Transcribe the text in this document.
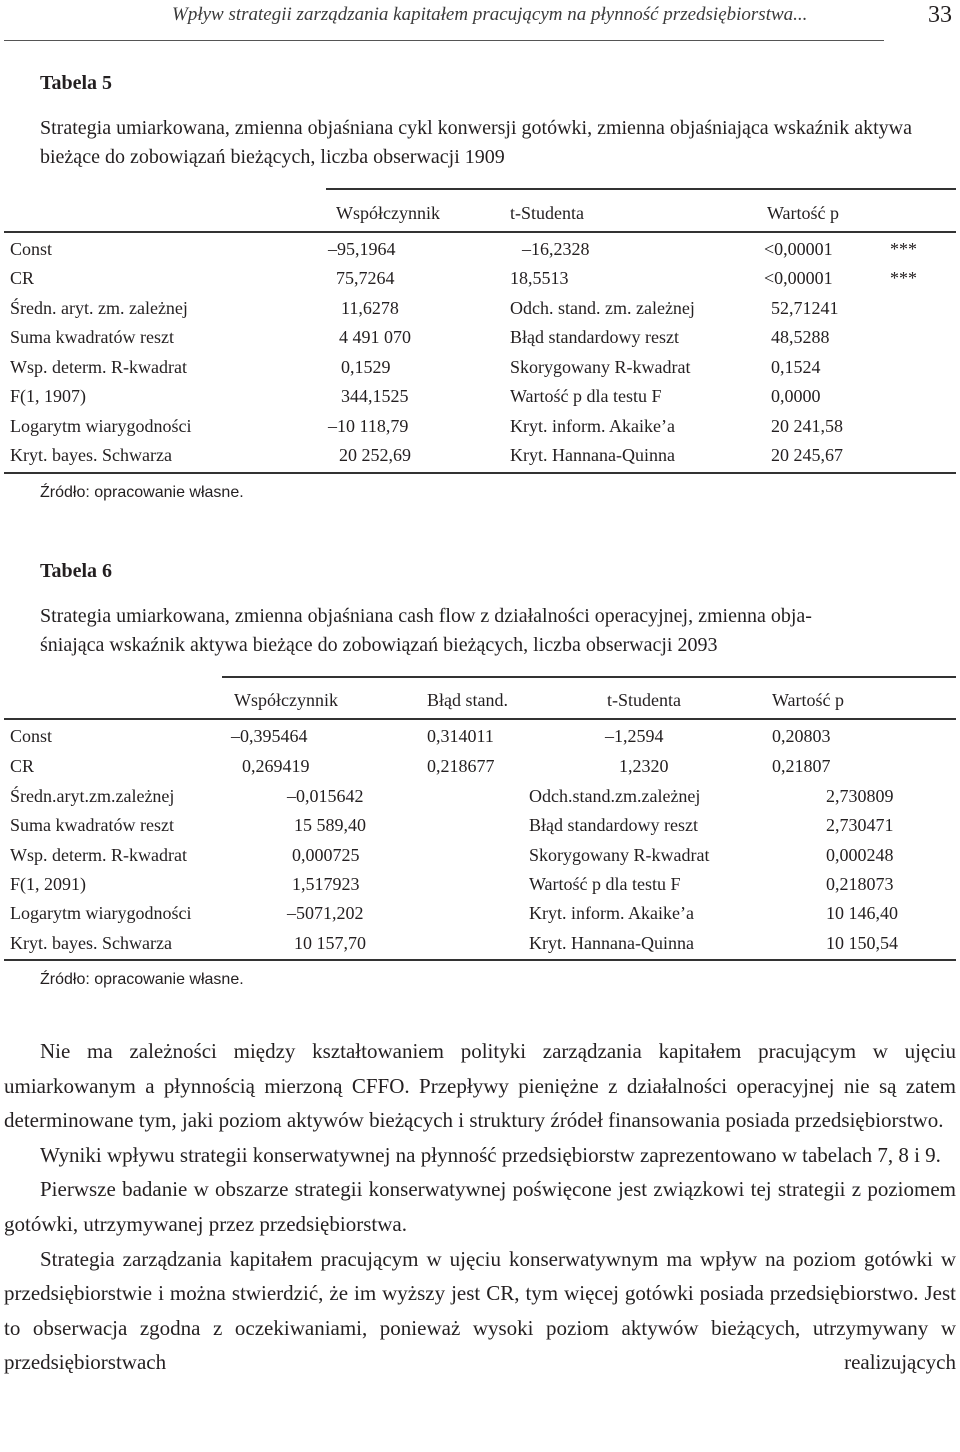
Wpływ strategii zarządzania kapitałem pracującym na płynność przedsiębiorstwa...	33
Tabela 5
Strategia umiarkowana, zmienna objaśniana cykl konwersji gotówki, zmienna objaśniająca wskaźnik aktywa bieżące do zobowiązań bieżących, liczba obserwacji 1909
Współczynnik	t-Studenta	Wartość p
Const	–95,1964	–16,2328	<0,00001	***
CR	75,7264	18,5513	<0,00001	***
Średn. aryt. zm. zależnej	11,6278	Odch. stand. zm. zależnej	52,71241
Suma kwadratów reszt	4 491 070	Błąd standardowy reszt	48,5288
Wsp. determ. R-kwadrat	0,1529	Skorygowany R-kwadrat	0,1524
F(1, 1907)	344,1525	Wartość p dla testu F	0,0000
Logarytm wiarygodności	–10 118,79	Kryt. inform. Akaike’a	20 241,58
Kryt. bayes. Schwarza	20 252,69	Kryt. Hannana-Quinna	20 245,67
Źródło: opracowanie własne.
Tabela 6
Strategia umiarkowana, zmienna objaśniana cash flow z działalności operacyjnej, zmienna obja-
śniająca wskaźnik aktywa bieżące do zobowiązań bieżących, liczba obserwacji 2093
Współczynnik	Błąd stand.	t-Studenta	Wartość p
Const	–0,395464	0,314011	–1,2594	0,20803
CR	0,269419	0,218677	1,2320	0,21807
Średn.aryt.zm.zależnej	–0,015642	Odch.stand.zm.zależnej	2,730809
Suma kwadratów reszt	15 589,40	Błąd standardowy reszt	2,730471
Wsp. determ. R-kwadrat	0,000725	Skorygowany R-kwadrat	0,000248
F(1, 2091)	1,517923	Wartość p dla testu F	0,218073
Logarytm wiarygodności	–5071,202	Kryt. inform. Akaike’a	10 146,40
Kryt. bayes. Schwarza	10 157,70	Kryt. Hannana-Quinna	10 150,54
Źródło: opracowanie własne.

Nie ma zależności między kształtowaniem polityki zarządzania kapitałem pracującym w ujęciu umiarkowanym a płynnością mierzoną CFFO. Przepływy pieniężne z działalności operacyjnej nie są zatem determinowane tym, jaki poziom aktywów bieżących i struktury źródeł finansowania posiada przedsiębiorstwo.

Wyniki wpływu strategii konserwatywnej na płynność przedsiębiorstw zaprezentowano w tabelach 7, 8 i 9.

Pierwsze badanie w obszarze strategii konserwatywnej poświęcone jest związkowi tej strategii z poziomem gotówki, utrzymywanej przez przedsiębiorstwa.

Strategia zarządzania kapitałem pracującym w ujęciu konserwatywnym ma wpływ na poziom gotówki w przedsiębiorstwie i można stwierdzić, że im wyższy jest CR, tym więcej gotówki posiada przedsiębiorstwo. Jest to obserwacja zgodna z oczekiwaniami, ponieważ wysoki poziom aktywów bieżących, utrzymywany w przedsiębiorstwach realizujących
